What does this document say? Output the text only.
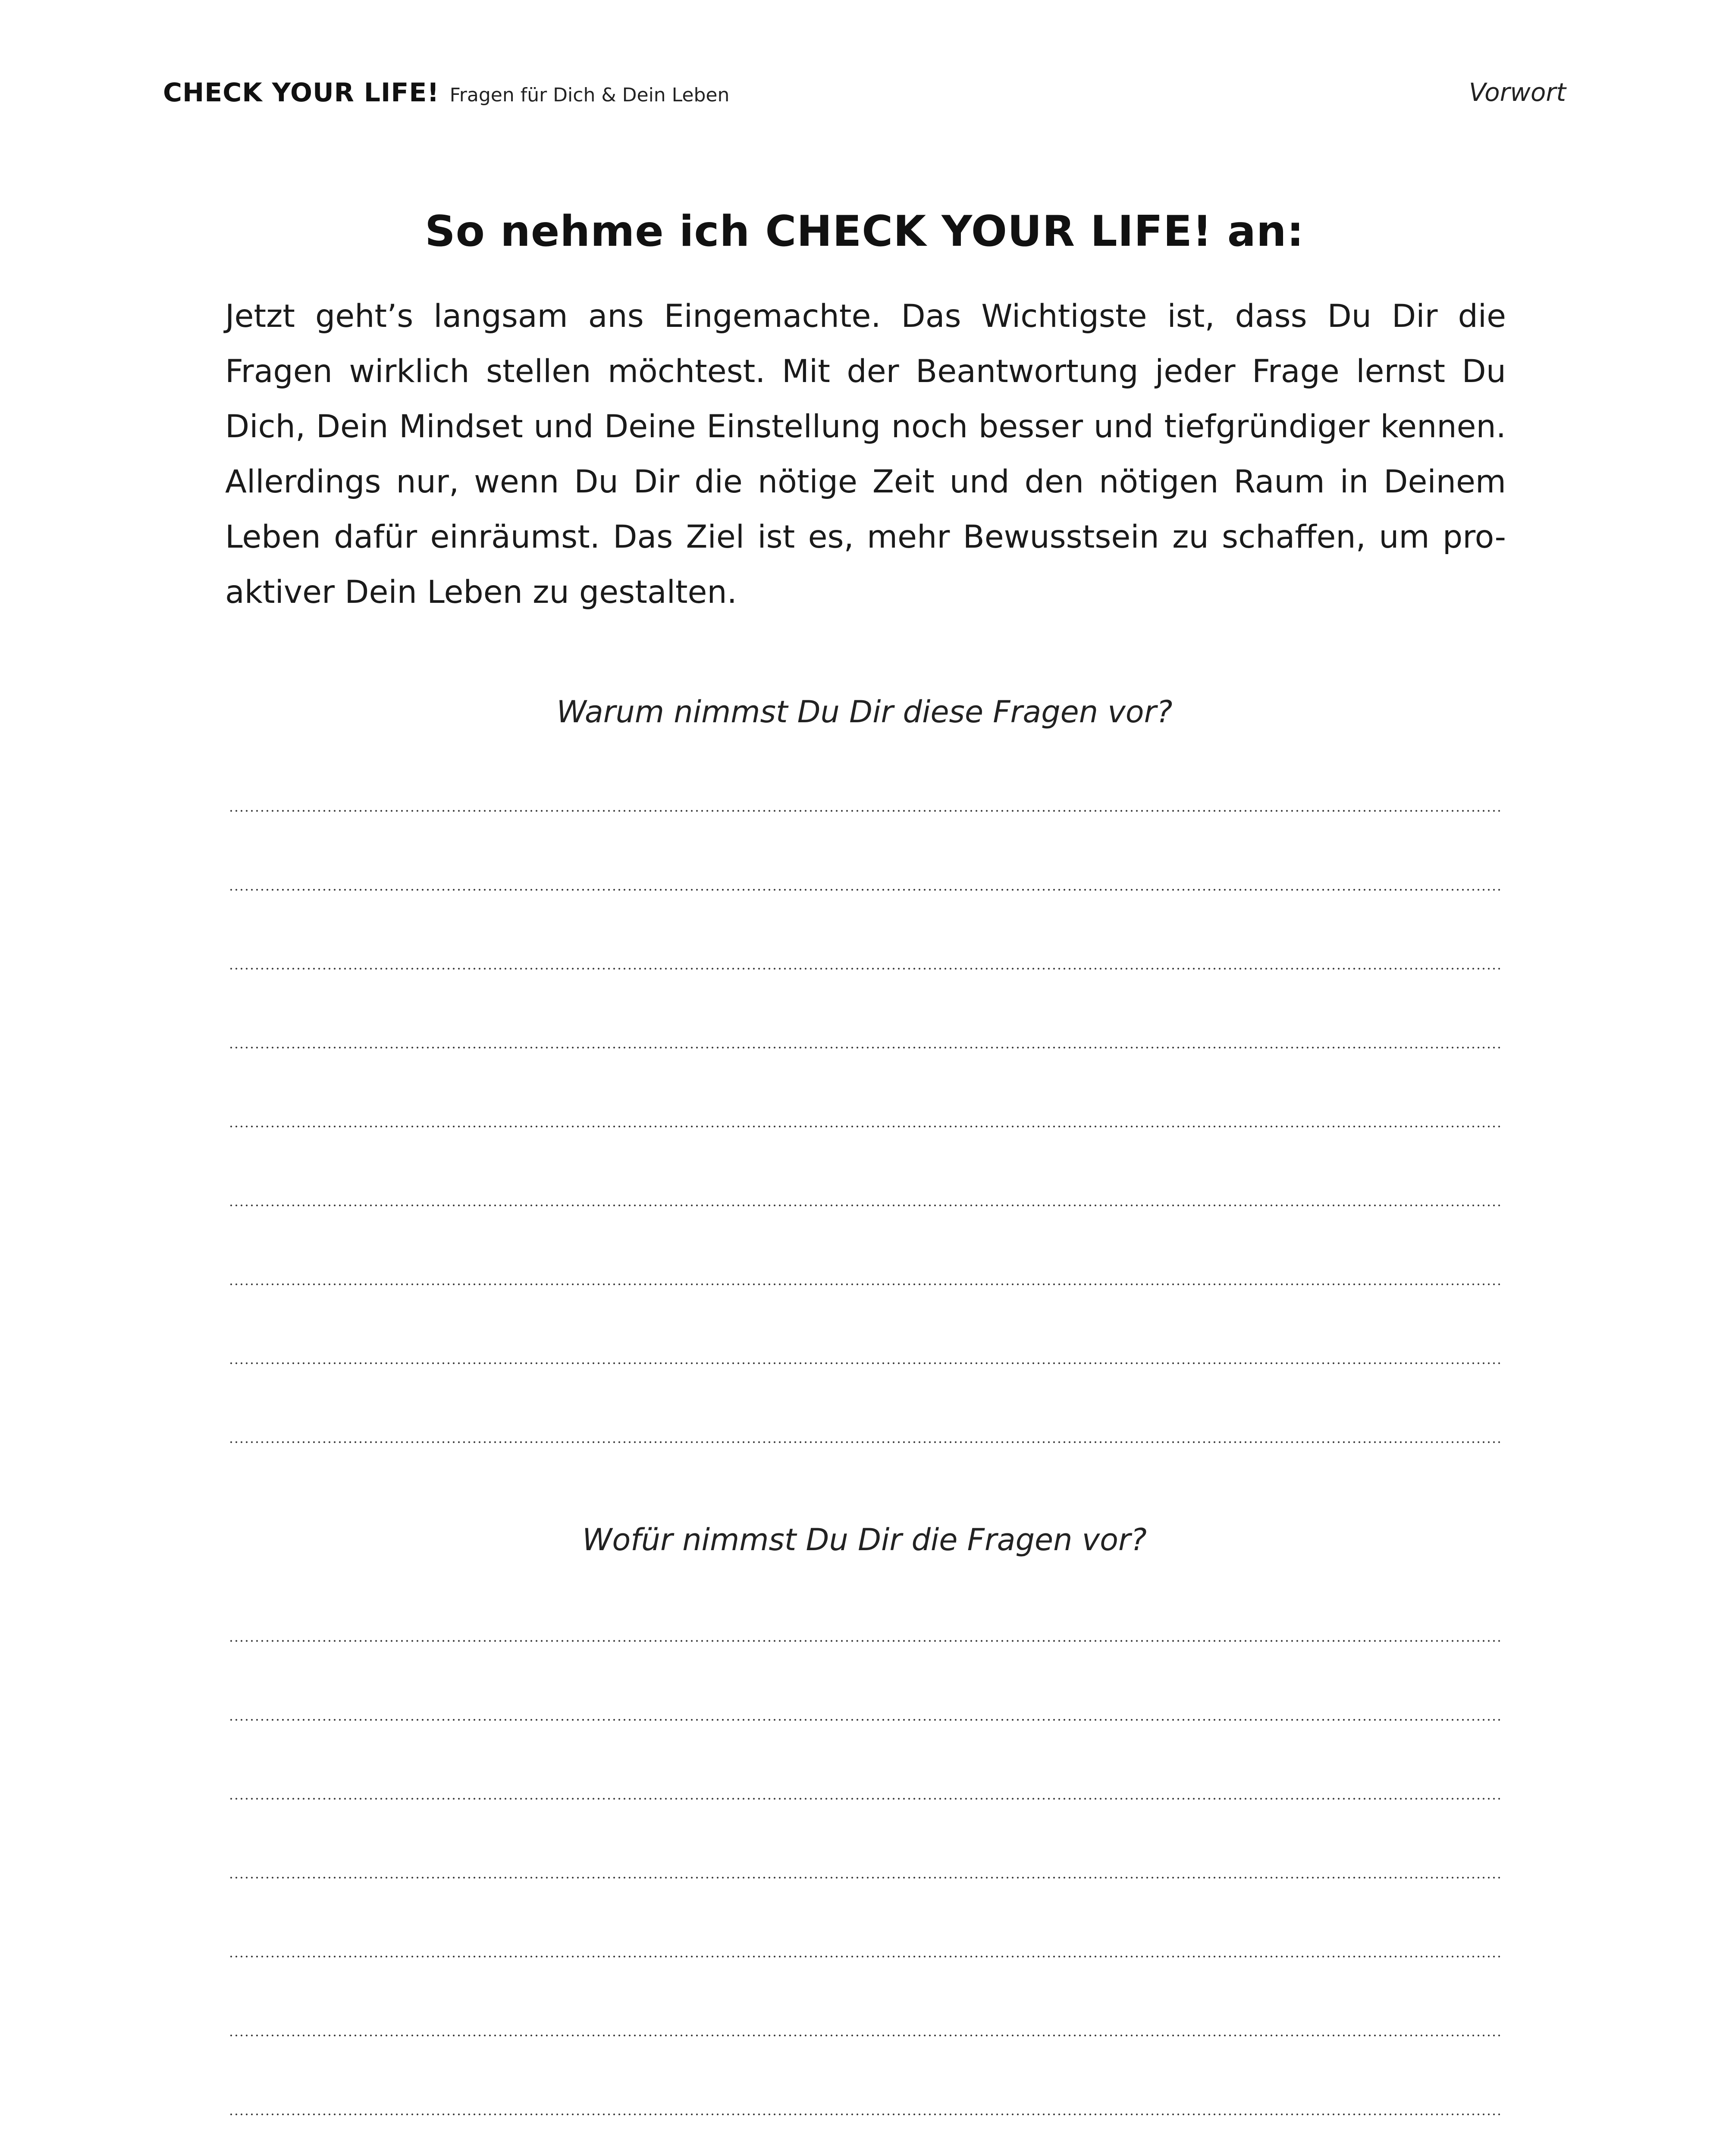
CHECK YOUR LIFE! Fragen für Dich & Dein Leben	Vorwort
So nehme ich CHECK YOUR LIFE! an:

Jetzt geht’s langsam ans Eingemachte. Das Wichtigste ist, dass Du Dir die Fragen wirklich stellen möchtest. Mit der Beantwortung jeder Frage lernst Du Dich, Dein Mindset und Deine Einstellung noch besser und tiefgründiger kennen. Allerdings nur, wenn Du Dir die nötige Zeit und den nötigen Raum in Deinem Leben dafür einräumst. Das Ziel ist es, mehr Bewusstsein zu schaffen, um pro-aktiver Dein Leben zu gestalten.

Warum nimmst Du Dir diese Fragen vor?

Wofür nimmst Du Dir die Fragen vor?
